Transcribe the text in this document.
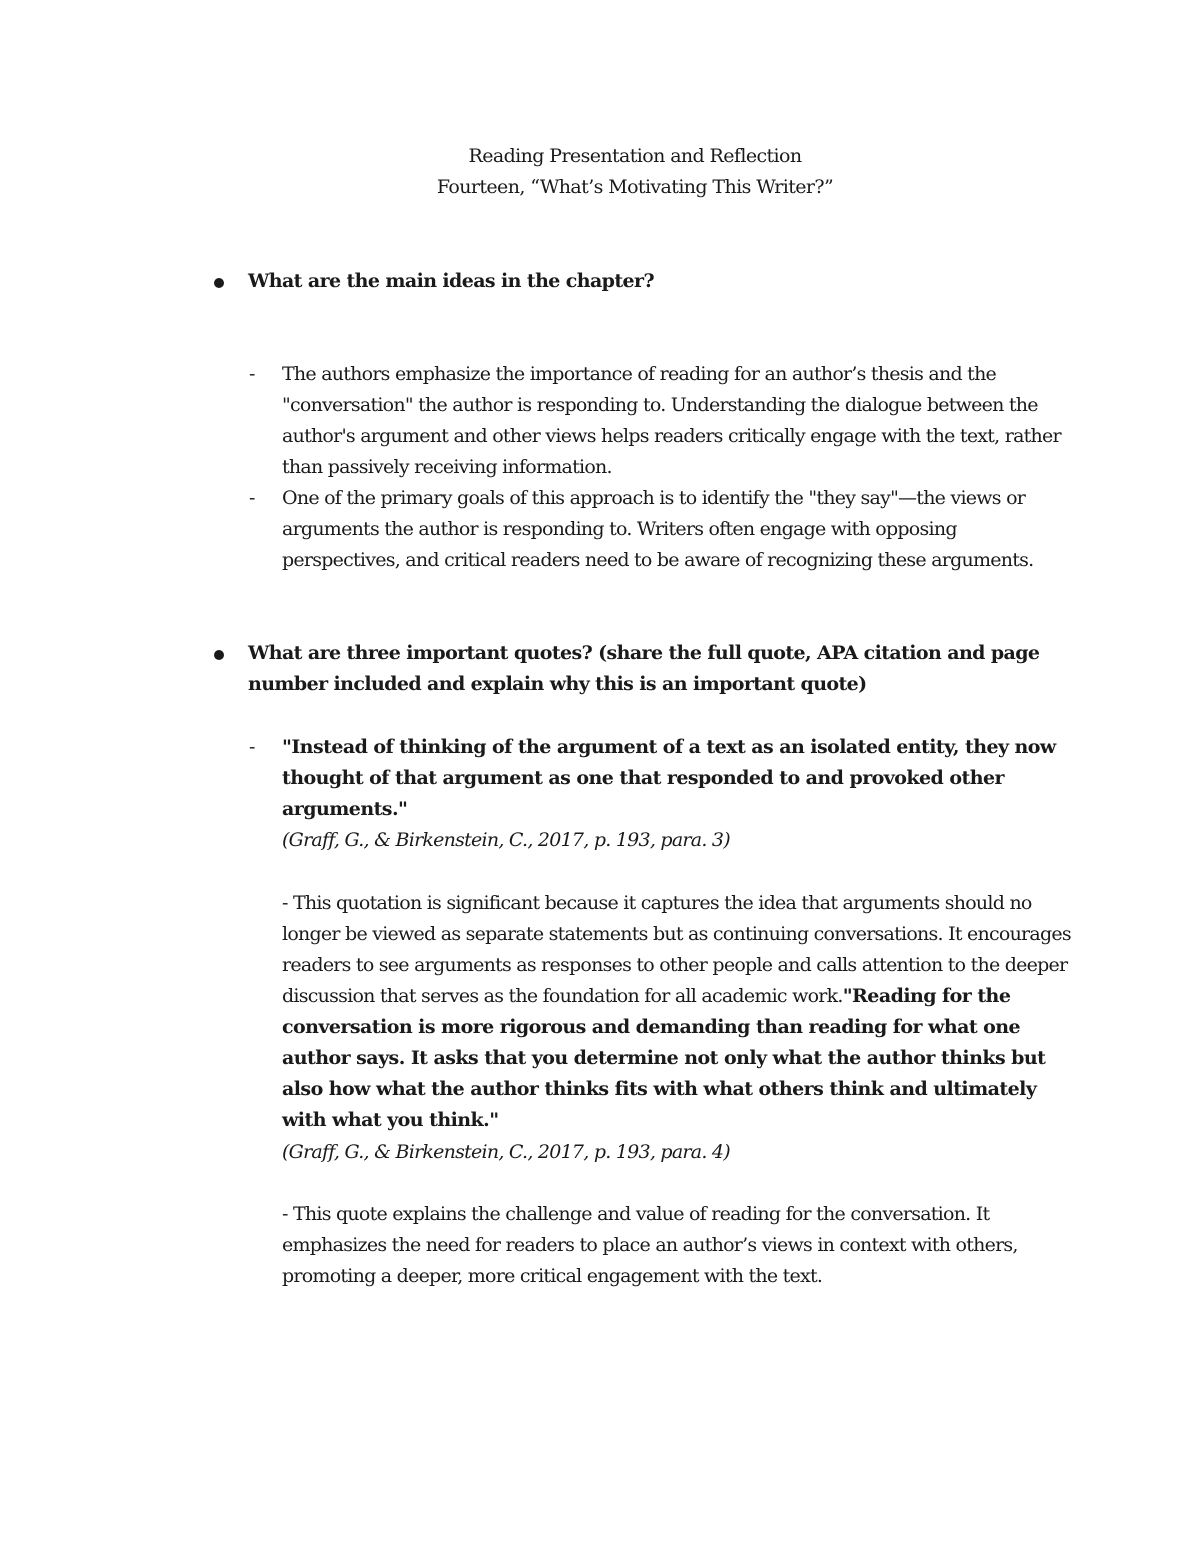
Reading Presentation and Reflection
Fourteen, “What’s Motivating This Writer?”
What are the main ideas in the chapter?
- The authors emphasize the importance of reading for an author’s thesis and the "conversation" the author is responding to. Understanding the dialogue between the author's argument and other views helps readers critically engage with the text, rather than passively receiving information.
- One of the primary goals of this approach is to identify the "they say"—the views or arguments the author is responding to. Writers often engage with opposing perspectives, and critical readers need to be aware of recognizing these arguments.
What are three important quotes? (share the full quote, APA citation and page number included and explain why this is an important quote)
- "Instead of thinking of the argument of a text as an isolated entity, they now thought of that argument as one that responded to and provoked other arguments."
(Graff, G., & Birkenstein, C., 2017, p. 193, para. 3)
- This quotation is significant because it captures the idea that arguments should no longer be viewed as separate statements but as continuing conversations. It encourages readers to see arguments as responses to other people and calls attention to the deeper discussion that serves as the foundation for all academic work."Reading for the conversation is more rigorous and demanding than reading for what one author says. It asks that you determine not only what the author thinks but also how what the author thinks fits with what others think and ultimately with what you think."
(Graff, G., & Birkenstein, C., 2017, p. 193, para. 4)
- This quote explains the challenge and value of reading for the conversation. It emphasizes the need for readers to place an author’s views in context with others, promoting a deeper, more critical engagement with the text.
